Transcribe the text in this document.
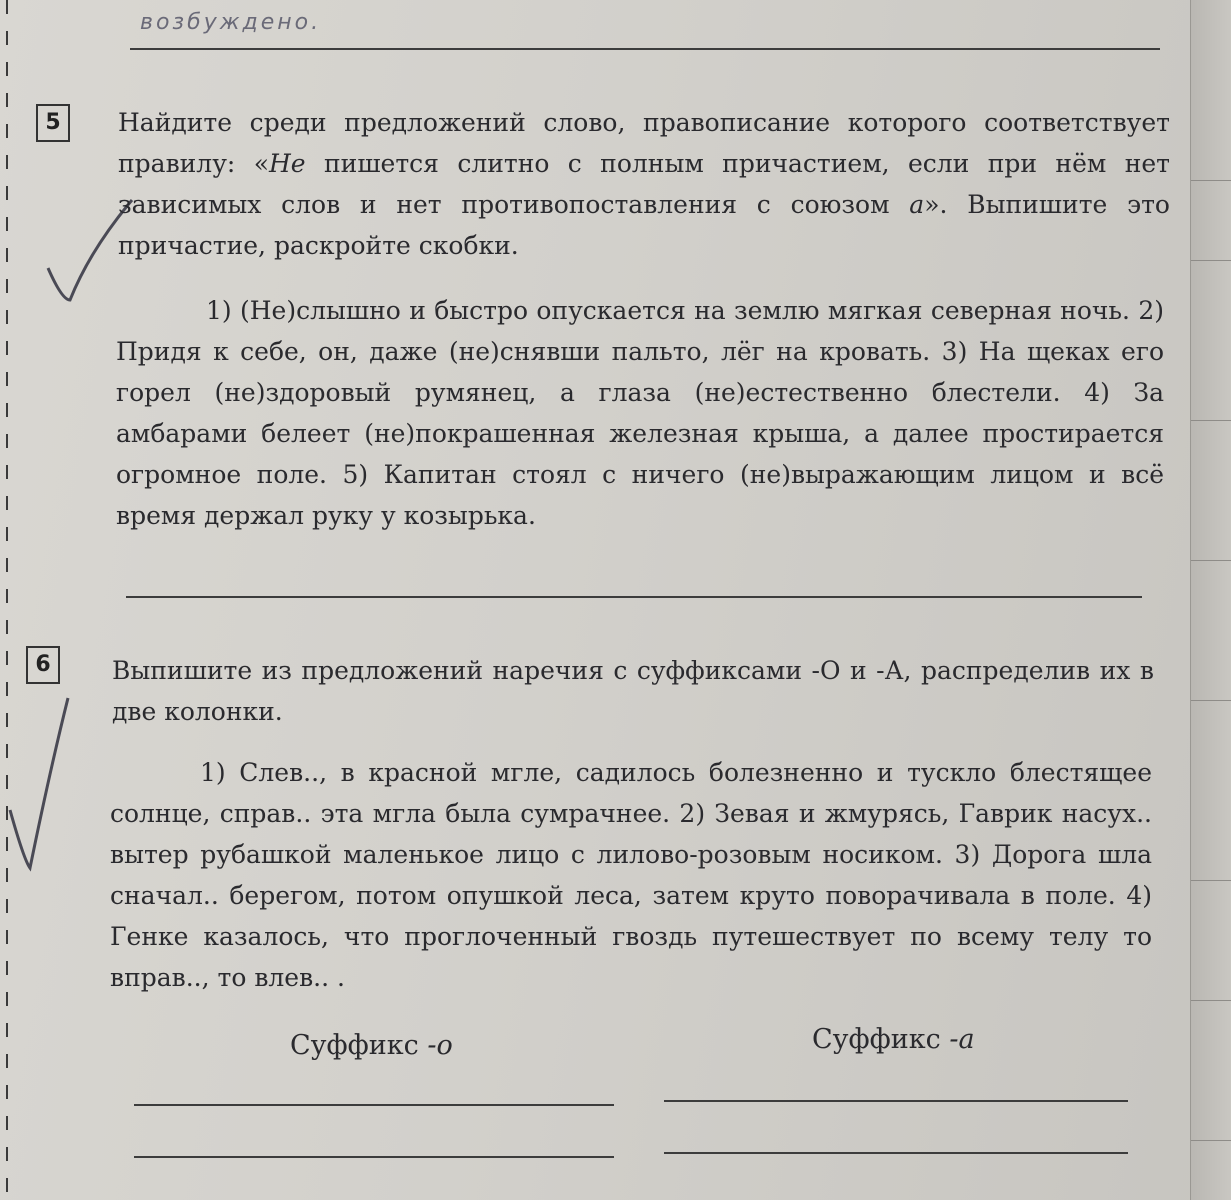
возбуждено.
5	Найдите среди предложений слово, правописание которого соответствует правилу: «Не пишется слитно с полным причастием, если при нём нет зависимых слов и нет противопоставления с союзом а». Выпишите это причастие, раскройте скобки.

1) (Не)слышно и быстро опускается на землю мягкая северная ночь. 2) Придя к себе, он, даже (не)снявши пальто, лёг на кровать. 3) На щеках его горел (не)здоровый румянец, а глаза (не)естественно блестели. 4) За амбарами белеет (не)покрашенная железная крыша, а далее простирается огромное поле. 5) Капитан стоял с ничего (не)выражающим лицом и всё время держал руку у козырька.

6	Выпишите из предложений наречия с суффиксами -О и -А, распределив их в две колонки.

1) Слев.., в красной мгле, садилось болезненно и тускло блестящее солнце, справ.. эта мгла была сумрачнее. 2) Зевая и жмурясь, Гаврик насух.. вытер рубашкой маленькое лицо с лилово-розовым носиком. 3) Дорога шла сначал.. берегом, потом опушкой леса, затем круто поворачивала в поле. 4) Генке казалось, что проглоченный гвоздь путешествует по всему телу то вправ.., то влев.. .

Суффикс -о	Суффикс -а
